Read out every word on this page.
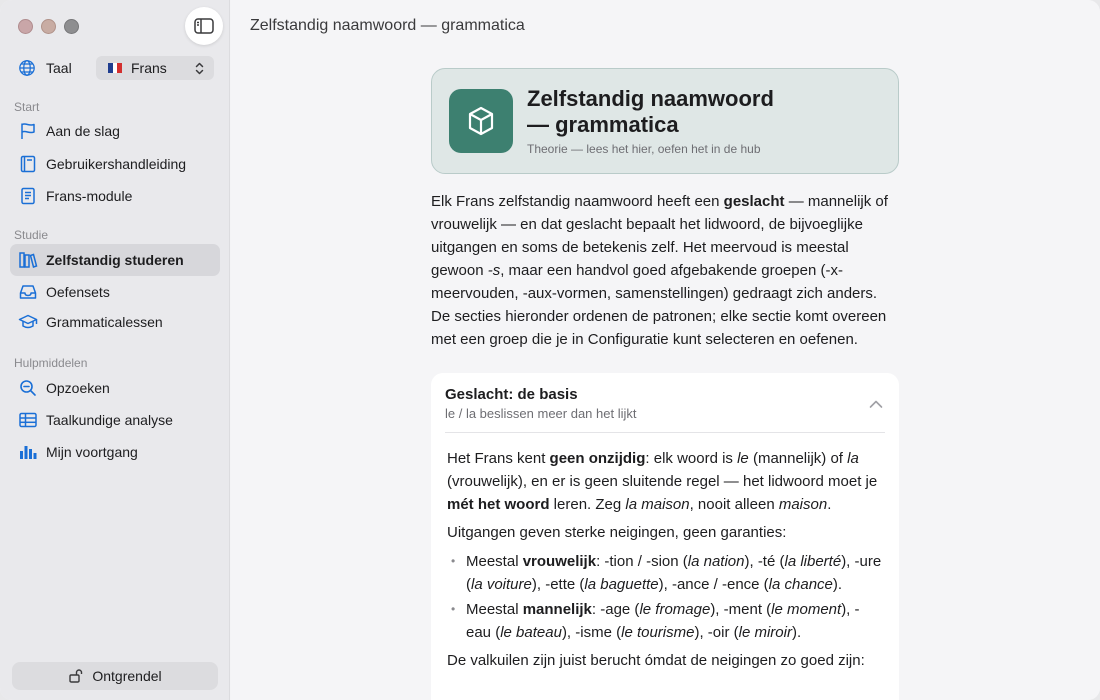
Taal	Frans
Start
Aan de slag
Gebruikershandleiding
Frans-module
Studie
Zelfstandig studeren
Oefensets
Grammaticalessen
Hulpmiddelen
Opzoeken
Taalkundige analyse
Mijn voortgang
Ontgrendel
Zelfstandig naamwoord — grammatica
Zelfstandig naamwoord
— grammatica
Theorie — lees het hier, oefen het in de hub

Elk Frans zelfstandig naamwoord heeft een geslacht — mannelijk of vrouwelijk — en dat geslacht bepaalt het lidwoord, de bijvoeglijke uitgangen en soms de betekenis zelf. Het meervoud is meestal gewoon -s, maar een handvol goed afgebakende groepen (-x-meervouden, -aux-vormen, samenstellingen) gedraagt zich anders. De secties hieronder ordenen de patronen; elke sectie komt overeen met een groep die je in Configuratie kunt selecteren en oefenen.

Geslacht: de basis
le / la beslissen meer dan het lijkt

Het Frans kent geen onzijdig: elk woord is le (mannelijk) of la (vrouwelijk), en er is geen sluitende regel — het lidwoord moet je mét het woord leren. Zeg la maison, nooit alleen maison.

Uitgangen geven sterke neigingen, geen garanties:

• Meestal vrouwelijk: -tion / -sion (la nation), -té (la liberté), -ure (la voiture), -ette (la baguette), -ance / -ence (la chance).
• Meestal mannelijk: -age (le fromage), -ment (le moment), -eau (le bateau), -isme (le tourisme), -oir (le miroir).

De valkuilen zijn juist berucht ómdat de neigingen zo goed zijn:
